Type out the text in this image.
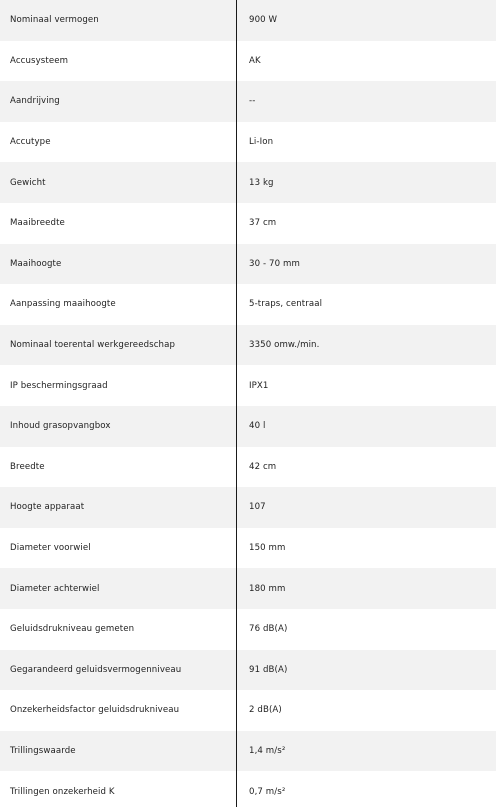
Nominaal vermogen	900 W
Accusysteem	AK
Aandrijving	--
Accutype	Li-Ion
Gewicht	13 kg
Maaibreedte	37 cm
Maaihoogte	30 - 70 mm
Aanpassing maaihoogte	5-traps, centraal
Nominaal toerental werkgereedschap	3350 omw./min.
IP beschermingsgraad	IPX1
Inhoud grasopvangbox	40 l
Breedte	42 cm
Hoogte apparaat	107
Diameter voorwiel	150 mm
Diameter achterwiel	180 mm
Geluidsdrukniveau gemeten	76 dB(A)
Gegarandeerd geluidsvermogenniveau	91 dB(A)
Onzekerheidsfactor geluidsdrukniveau	2 dB(A)
Trillingswaarde	1,4 m/s²
Trillingen onzekerheid K	0,7 m/s²
